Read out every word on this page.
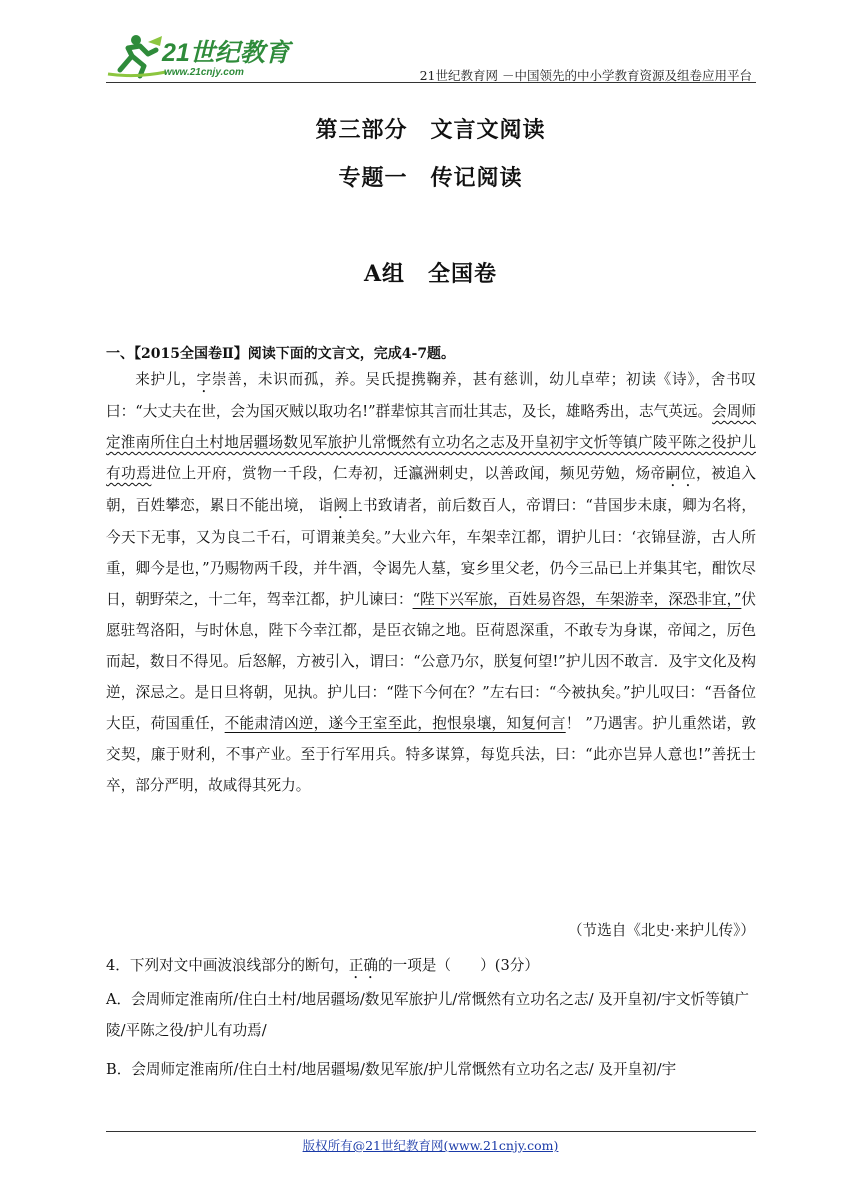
21世纪教育
www.21cnjy.com	21世纪教育网 －中国领先的中小学教育资源及组卷应用平台
第三部分　文言文阅读
专题一　传记阅读
A组　全国卷
一、【2015全国卷Ⅱ】阅读下面的文言文，完成4-7题。

来护儿，字崇善，未识而孤，养。吴氏提携鞠养，甚有慈训，幼儿卓荦；初读《诗》，舍书叹曰：“大丈夫在世，会为国灭贼以取功名!”群辈惊其言而壮其志，及长，雄略秀出，志气英远。会周师定淮南所住白土村地居疆场数见军旅护儿常慨然有立功名之志及开皇初宇文忻等镇广陵平陈之役护儿有功焉进位上开府，赏物一千段，仁寿初，迁瀛洲刺史，以善政闻，频见劳勉，炀帝嗣位，被追入朝，百姓攀恋，累日不能出境， 诣阙上书致请者，前后数百人，帝谓曰：“昔国步未康，卿为名将，今天下无事，又为良二千石，可谓兼美矣。”大业六年，车架幸江都，谓护儿曰：‘衣锦昼游，古人所重，卿今是也，”乃赐物两千段，并牛酒，令谒先人墓，宴乡里父老，仍今三品已上并集其宅，酣饮尽日，朝野荣之，十二年，驾幸江都，护儿谏曰：“陛下兴军旅，百姓易咨怨，车架游幸，深恐非宜，”伏愿驻驾洛阳，与时休息，陛下今幸江都，是臣衣锦之地。臣荷恩深重，不敢专为身谋，帝闻之，厉色而起，数日不得见。后怒解，方被引入，谓曰：“公意乃尔，朕复何望!”护儿因不敢言．及宇文化及构逆，深忌之。是日旦将朝，见执。护儿曰：“陛下今何在？”左右曰：“今被执矣。”护儿叹曰：“吾备位大臣，荷国重任，不能肃清凶逆，遂今王室至此，抱恨泉壤，知复何言！ ”乃遇害。护儿重然诺，敦交契，廉于财利，不事产业。至于行军用兵。特多谋算，每览兵法，曰：“此亦岂异人意也!”善抚士卒，部分严明，故咸得其死力。

（节选自《北史·来护儿传》）
4．下列对文中画波浪线部分的断句，正确的一项是（　　）(3分）
A．会周师定淮南所/住白土村/地居疆场/数见军旅护儿/常慨然有立功名之志/ 及开皇初/宇文忻等镇广陵/平陈之役/护儿有功焉/
B．会周师定淮南所/住白土村/地居疆埸/数见军旅/护儿常慨然有立功名之志/ 及开皇初/宇
版权所有@21世纪教育网(www.21cnjy.com)
